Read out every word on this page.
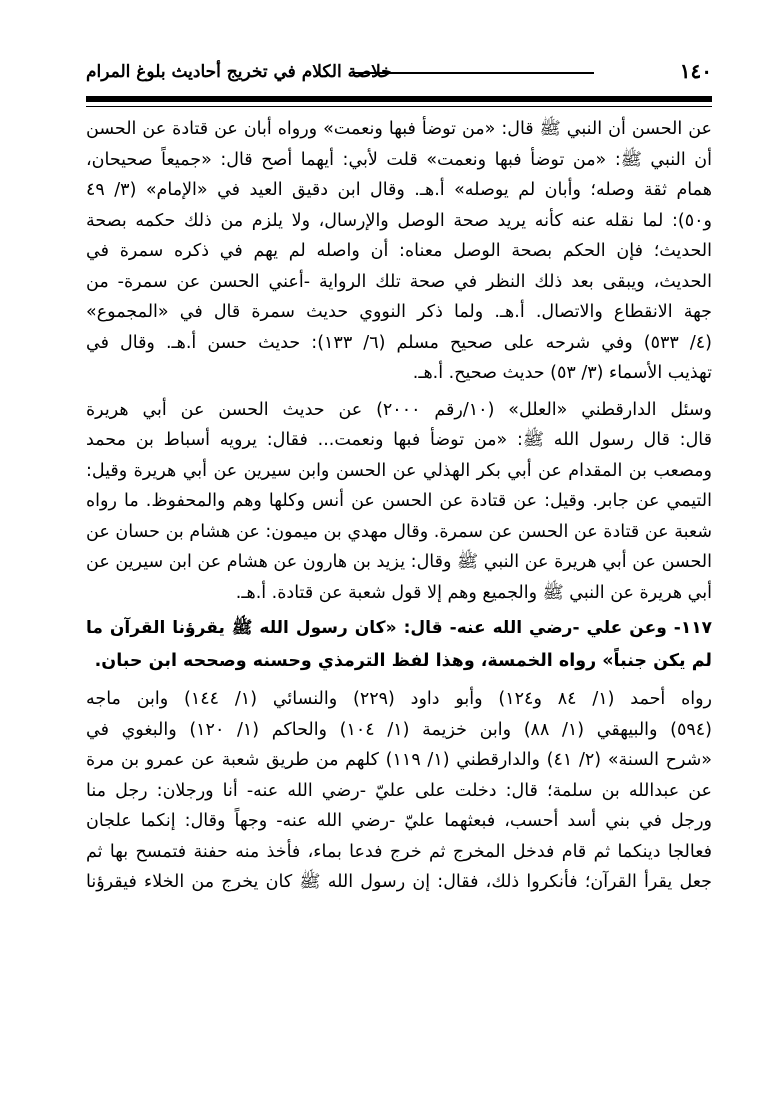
١٤٠
خلاصة الكلام في تخريج أحاديث بلوغ المرام
عن الحسن أن النبي ﷺ قال: «من توضأ فبها ونعمت» ورواه أبان عن قتادة عن الحسن
أن النبي ﷺ: «من توضأ فبها ونعمت» قلت لأبي: أيهما أصح قال: «جميعاً صحيحان،
همام ثقة وصله؛ وأبان لم يوصله» أ.هـ. وقال ابن دقيق العيد في «الإمام» (٣/ ٤٩
و٥٠): لما نقله عنه كأنه يريد صحة الوصل والإرسال، ولا يلزم من ذلك حكمه بصحة
الحديث؛ فإن الحكم بصحة الوصل معناه: أن واصله لم يهم في ذكره سمرة في
الحديث، ويبقى بعد ذلك النظر في صحة تلك الرواية -أعني الحسن عن سمرة- من
جهة الانقطاع والاتصال. أ.هـ. ولما ذكر النووي حديث سمرة قال في «المجموع»
(٤/ ٥٣٣) وفي شرحه على صحيح مسلم (٦/ ١٣٣): حديث حسن أ.هـ. وقال في
تهذيب الأسماء (٣/ ٥٣) حديث صحيح. أ.هـ.
وسئل الدارقطني «العلل» (١٠/رقم ٢٠٠٠) عن حديث الحسن عن أبي هريرة
قال: قال رسول الله ﷺ: «من توضأ فبها ونعمت... فقال: يرويه أسباط بن محمد
ومصعب بن المقدام عن أبي بكر الهذلي عن الحسن وابن سيرين عن أبي هريرة وقيل:
التيمي عن جابر. وقيل: عن قتادة عن الحسن عن أنس وكلها وهم والمحفوظ. ما رواه
شعبة عن قتادة عن الحسن عن سمرة. وقال مهدي بن ميمون: عن هشام بن حسان عن
الحسن عن أبي هريرة عن النبي ﷺ وقال: يزيد بن هارون عن هشام عن ابن سيرين عن
أبي هريرة عن النبي ﷺ والجميع وهم إلا قول شعبة عن قتادة. أ.هـ.
١١٧- وعن علي -رضي الله عنه- قال: «كان رسول الله ﷺ يقرؤنا القرآن ما
لم يكن جنباً» رواه الخمسة، وهذا لفظ الترمذي وحسنه وصححه ابن حبان.
رواه أحمد (١/ ٨٤ و١٢٤) وأبو داود (٢٢٩) والنسائي (١/ ١٤٤) وابن ماجه
(٥٩٤) والبيهقي (١/ ٨٨) وابن خزيمة (١/ ١٠٤) والحاكم (١/ ١٢٠) والبغوي في
«شرح السنة» (٢/ ٤١) والدارقطني (١/ ١١٩) كلهم من طريق شعبة عن عمرو بن مرة
عن عبدالله بن سلمة؛ قال: دخلت على عليّ -رضي الله عنه- أنا ورجلان: رجل منا
ورجل في بني أسد أحسب، فبعثهما عليّ -رضي الله عنه- وجهاً وقال: إنكما علجان
فعالجا دينكما ثم قام فدخل المخرج ثم خرج فدعا بماء، فأخذ منه حفنة فتمسح بها ثم
جعل يقرأ القرآن؛ فأنكروا ذلك، فقال: إن رسول الله ﷺ كان يخرج من الخلاء فيقرؤنا
